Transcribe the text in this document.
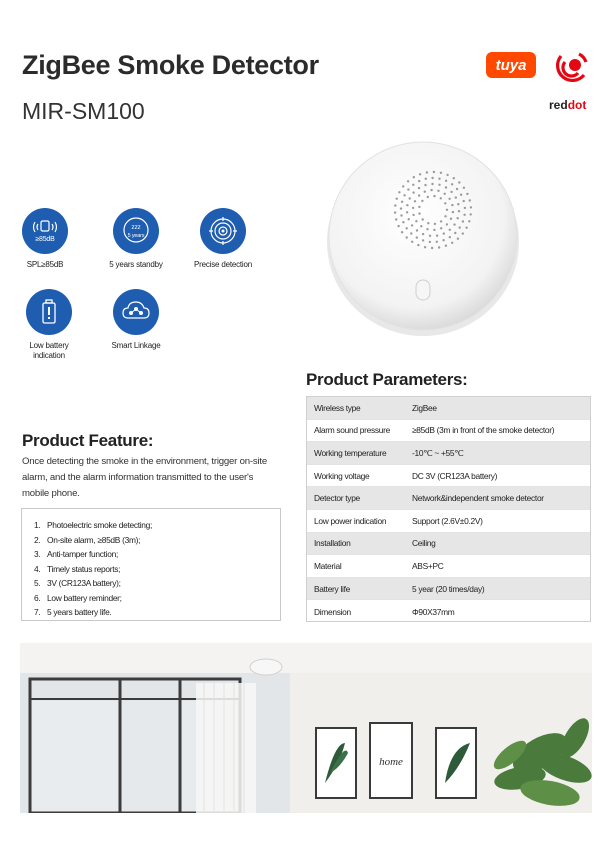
ZigBee Smoke Detector
MIR-SM100
tuya
reddot
≥85dB
SPL≥85dB
zzz
5 years
5 years standby	Precise detection
Low battery
indication
Smart Linkage
Product Feature:
Once detecting the smoke in the environment, trigger on-site alarm, and the alarm information transmitted to the user's mobile phone.
1. Photoelectric smoke detecting;
2. On-site alarm, ≥85dB (3m);
3. Anti-tamper function;
4. Timely status reports;
5. 3V (CR123A battery);
6. Low battery reminder;
7. 5 years battery life.
Product Parameters:
Wireless type	ZigBee
Alarm sound pressure	≥85dB (3m in front of the smoke detector)
Working temperature	-10℃ ~ +55℃
Working voltage	DC 3V (CR123A battery)
Detector type	Network&independent smoke detector
Low power indication	Support (2.6V±0.2V)
Installation	Ceiling
Material	ABS+PC
Battery life	5 year (20 times/day)
Dimension	Φ90X37mm
home
